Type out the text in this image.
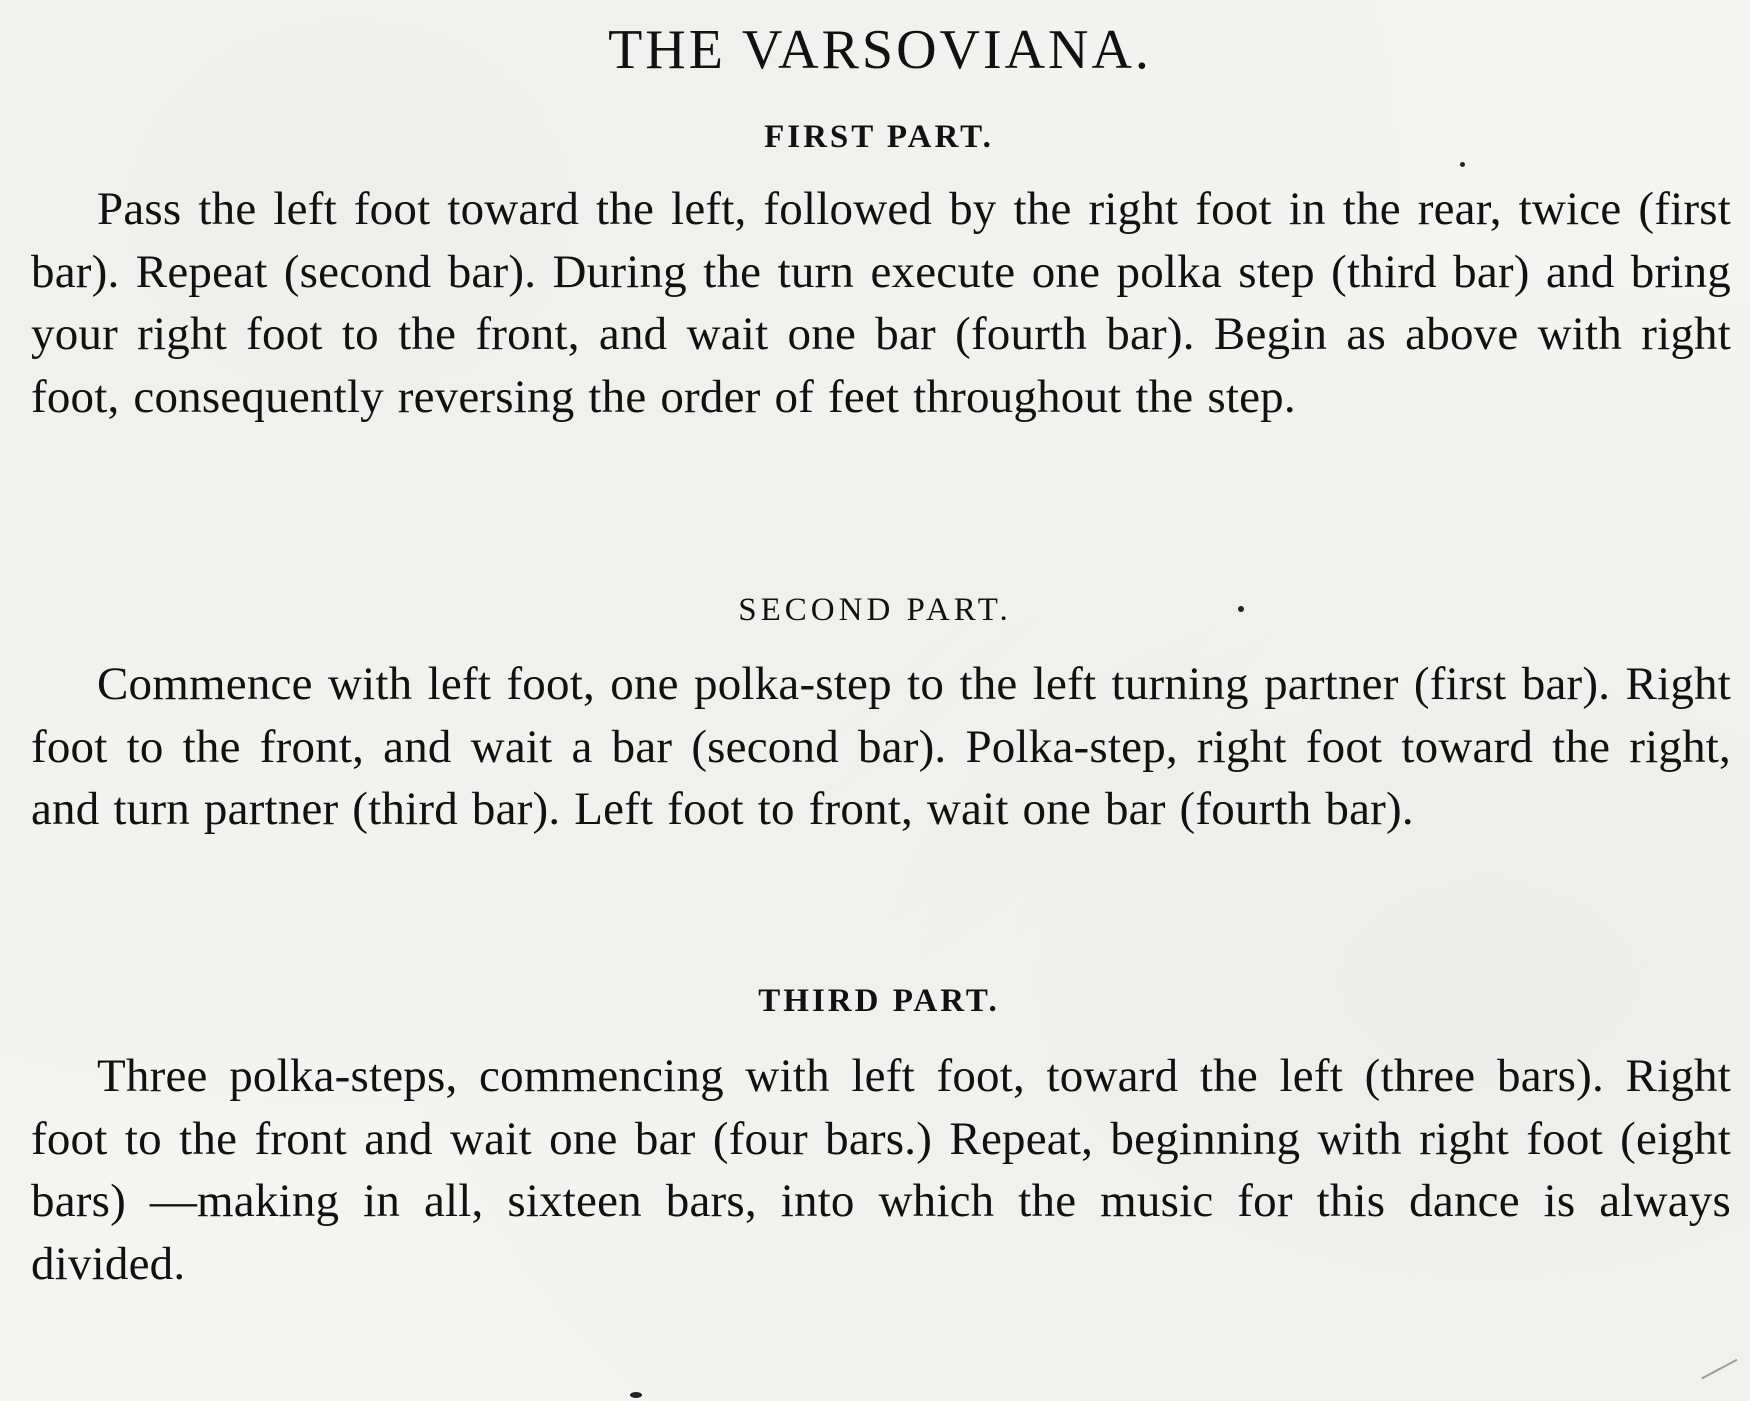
THE VARSOVIANA.
FIRST PART.

Pass the left foot toward the left, followed by the right foot in the rear, twice (first bar). Repeat (second bar). During the turn execute one polka step (third bar) and bring your right foot to the front, and wait one bar (fourth bar). Begin as above with right foot, consequently reversing the order of feet throughout the step.

SECOND PART.

Commence with left foot, one polka-step to the left turning partner (first bar). Right foot to the front, and wait a bar (second bar). Polka-step, right foot toward the right, and turn partner (third bar). Left foot to front, wait one bar (fourth bar).

THIRD PART.

Three polka-steps, commencing with left foot, toward the left (three bars). Right foot to the front and wait one bar (four bars.) Repeat, beginning with right foot (eight bars) —making in all, sixteen bars, into which the music for this dance is always divided.
